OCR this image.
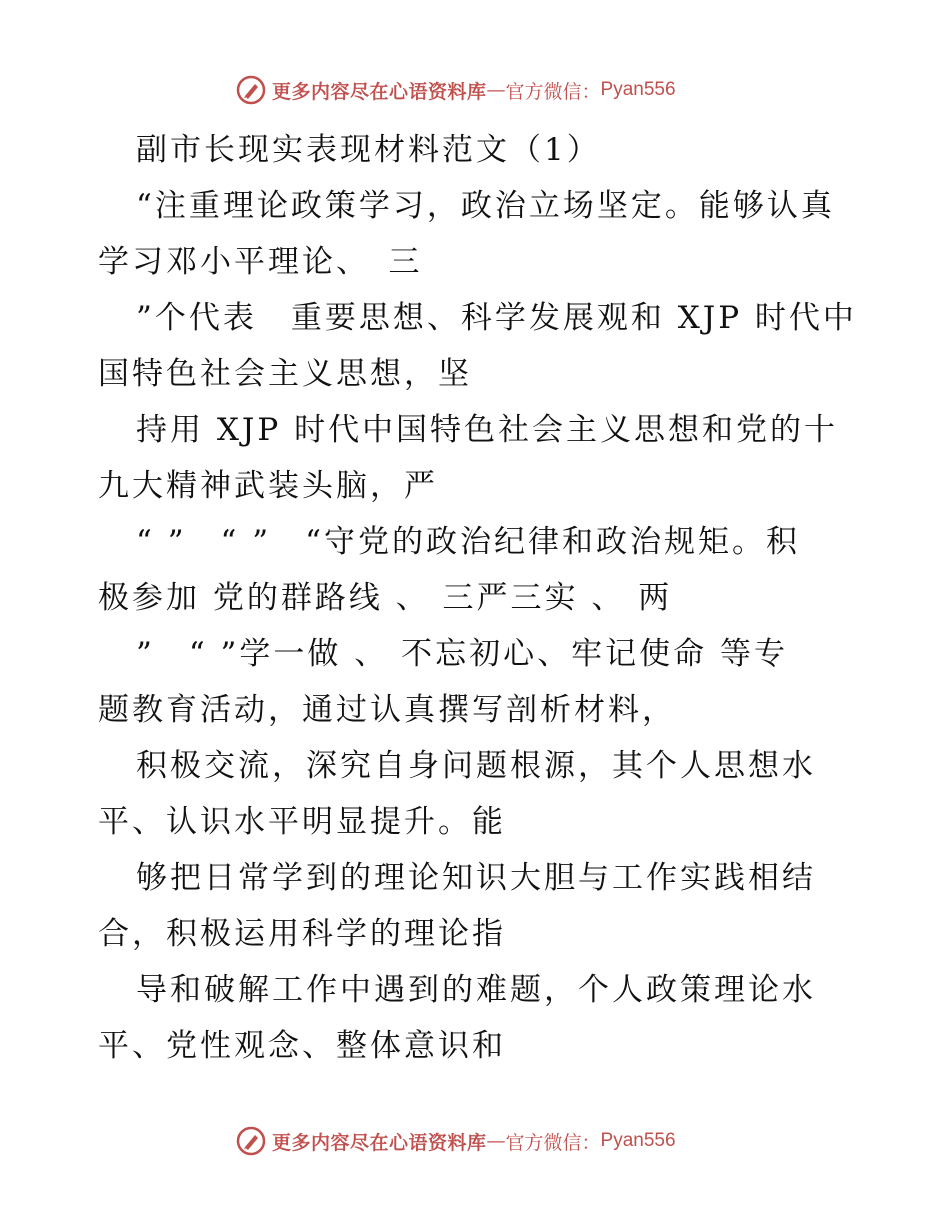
更多内容尽在心语资料库 — 官方微信： Pyan556
副市长现实表现材料范文（1）
“注重理论政策学习，政治立场坚定。能够认真
学习邓小平理论、　三
”个代表　重要思想、科学发展观和 XJP 时代中
国特色社会主义思想，坚
持用 XJP 时代中国特色社会主义思想和党的十
九大精神武装头脑，严
“ ”　“ ”　“守党的政治纪律和政治规矩。积
极参加 党的群路线 、 三严三实 、 两
”　“ ”学一做 、 不忘初心、牢记使命 等专
题教育活动，通过认真撰写剖析材料，
积极交流，深究自身问题根源，其个人思想水
平、认识水平明显提升。能
够把日常学到的理论知识大胆与工作实践相结
合，积极运用科学的理论指
导和破解工作中遇到的难题，个人政策理论水
平、党性观念、整体意识和
更多内容尽在心语资料库 — 官方微信： Pyan556
